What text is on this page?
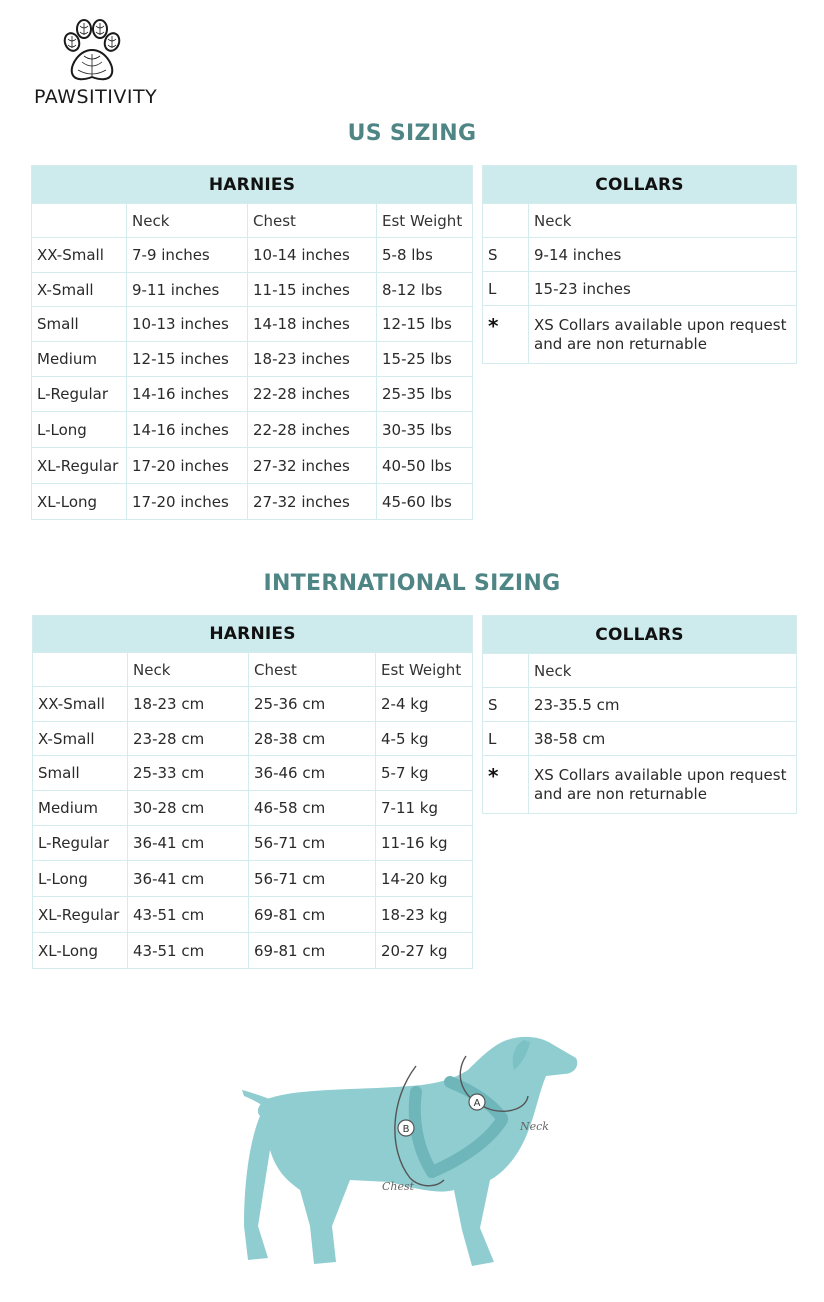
PAWSITIVITY
US SIZING
HARNIES			
	Neck	Chest	Est Weight
XX-Small	7-9 inches	10-14 inches	5-8 lbs
X-Small	9-11 inches	11-15 inches	8-12 lbs
Small	10-13 inches	14-18 inches	12-15 lbs
Medium	12-15 inches	18-23 inches	15-25 lbs
L-Regular	14-16 inches	22-28 inches	25-35 lbs
L-Long	14-16 inches	22-28 inches	30-35 lbs
XL-Regular	17-20 inches	27-32 inches	40-50 lbs
XL-Long	17-20 inches	27-32 inches	45-60 lbs
COLLARS	
	Neck
S	9-14 inches
L	15-23 inches
*	XS Collars available upon request and are non returnable
INTERNATIONAL SIZING
HARNIES			
	Neck	Chest	Est Weight
XX-Small	18-23 cm	25-36 cm	2-4 kg
X-Small	23-28 cm	28-38 cm	4-5 kg
Small	25-33 cm	36-46 cm	5-7 kg
Medium	30-28 cm	46-58 cm	7-11 kg
L-Regular	36-41 cm	56-71 cm	11-16 kg
L-Long	36-41 cm	56-71 cm	14-20 kg
XL-Regular	43-51 cm	69-81 cm	18-23 kg
XL-Long	43-51 cm	69-81 cm	20-27 kg
COLLARS	
	Neck
S	23-35.5 cm
L	38-58 cm
*	XS Collars available upon request and are non returnable
A
B	Neck
Chest
